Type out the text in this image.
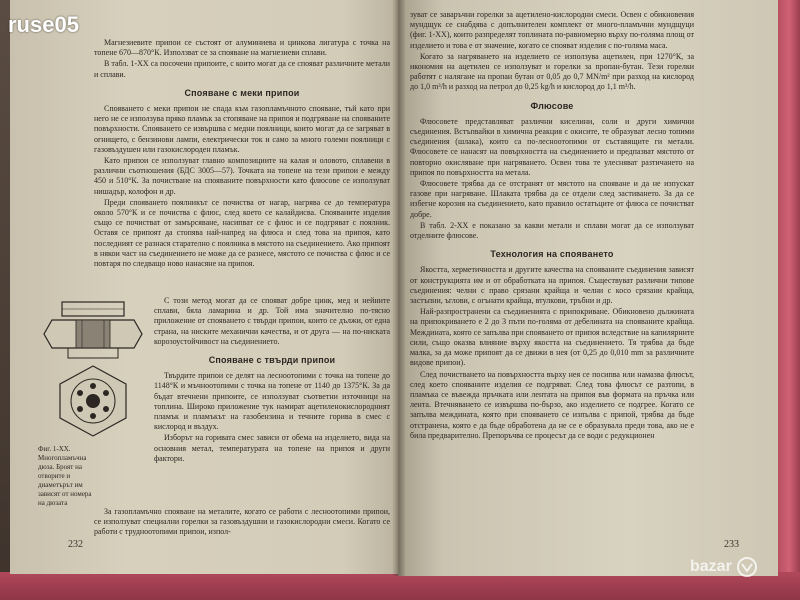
Магнезиевите припои се състоят от алуминиева и цинкова лигатура с точка на топене 670—870°К. Използват се за споявaне на магнезиеви сплави.

В табл. 1-XX са посочени припоите, с които могат да се спояват различните метали и сплави.

Споявaне с меки припои

Споявaнето с меки припои не спада към газопламъчното споявaне, тъй като при него не се използува пряко пламък за стопяване на припоя и подгряване на споявaните повърхности. Споявaнето се извършва с медни поялници, които могат да се загряват в огнището, с бензинови лампи, електрически ток и само за много големи поялници с газовъздушен или газокислороден пламък.

Като припои се използуват главно композициите на калая и оловото, сплавени в различни съотношения (БДС 3005—57). Точката на топене на тези припои е между 450 и 510°К. За почистване на споявaните повърхности като флюсове се използуват нишадър, колофон и др.

Преди споявaнето поялникът се почиства от нагар, нагрява се до температура около 570°К и се почиства с флюс, след което се калайдисва. Споявaните изделия също се почистват от замърсяване, насипват се с флюс и се подгряват с поялник. Оставя се припоят да стопява най-напред на флюса и след това на припоя, като последният се разнася старателно с поялника в мястото на съединението. Ако припоят в някои част на съединението не може да се разнесе, мястото се почиства с флюс и се повтаря по следващо ново нанасяне на припоя.

С този метод могат да се спояват добре цинк, мед и нейните сплави, бяла ламарина и др. Той има значително по-тясно приложение от споявaнето с твърди припои, които се дължи, от една страна, на ниските механични качества, и от друга — на по-ниската корозоустойчивост на съединението.

Споявaне с твърди припои

Твърдите припои се делят на лесноотопими с точка на топене до 1148°К и мъчноотопими с точка на топене от 1140 до 1375°К. За да бъдат втечнени припоите, се използуват съответни източници на топлина. Широко приложение тук намират ацетиленокислородният пламък и пламъкът на газобензина и течните горива в смес с кислород и въздух.

Изборът на горивата смес зависи от обема на изделието, вида на основния метал, температурата на топене на припоя и други фактори.

За газопламъчно споявaне на металите, когато се работи с лесноотопими припои, се използуват специални горелки за газовъздушни и газокислородни смеси. Когато се работи с трудноотопими припои, изпол-

Фиг. 1-XX. Многопламъчна дюза. Броят на отворите и диаметърът им зависят от номера на дюзата
232

зуват се заваръчни горелки за ацетилено-кислородни смеси. Освен с обикновения мундщук се снабдява с допълнителен комплект от много-пламъчни мундщуци (фиг. 1-XX), които разпределят топлината по-равномерно върху по-голяма площ от изделието и това е от значение, когато се споявaт изделия с по-голяма маса.

Когато за нагряването на изделието се използува ацетилен, при 1270°К, за икономия на ацетилен се използуват и горелки за пропан-бутан. Тези горелки работят с налягане на пропан бутан от 0,05 до 0,7 MN/m² при разход на кислород до 1,0 m³/h и разход на петрол до 0,25 kg/h и кислород до 1,1 m³/h.

Флюсове

Флюсовете представляват различни киселини, соли и други химични съединения. Встъпвайки в химична реакция с окисите, те образуват лесно топими съединения (шлака), които са по-лесноотопими от съставящите ги метали. Флюсовете се нанасят на повърхността на съединението и предпазват мястото от повторно окисляване при нагряването. Освен това те улесняват разтичането на припоя по повърхността на метала.

Флюсовете трябва да се отстранят от мястото на споявaне и да не изпускат газове при нагряване. Шлаката трябва да се отдели след застиването. За да се избегне корозия на съединението, като правило остатъците от флюса се почистват добре.

В табл. 2-XX е показано за какви метали и сплави могат да се използуват отделните флюсове.

Технология на споявaнето

Якостта, херметичността и другите качества на споявaните съединения зависят от конструкцията им и от обработката на припоя. Съществуват различни типове съединения: челни с право срязани крайща и челни с косо срязани крайща, застъпни, ъглови, с огънати крайща, втулкови, тръбни и др.

Най-разпространени са съединенията с припокриване. Обикновено дължината на припокриването е 2 до 3 пъти по-голяма от дебелината на споявaните крайща. Междината, която се запълва при споявaнето от припоя вследствие на капилярните сили, също оказва влияние върху якостта на съединението. Тя трябва да бъде малка, за да може припоят да се движи в нея (от 0,25 до 0,010 mm за различните видове припои).

След почистването на повърхността върху нея се посипва или намазва флюсът, след което споявaните изделия се подгряват. След това флюсът се разтопи, в пламъка се въвежда пръчката или лентата на припоя във формата на пръчка или лента. Втечняването се извършва по-бързо, ако изделието се подгрее. Когато се запълва междината, която при споявaнето се изпълва с припой, трябва да бъде отстранена, която е да бъде обработена да не се е образувала преди това, ако не е била предварително. Препоръчва се процесът да се води с редукционен

233
ruse05
bazar
